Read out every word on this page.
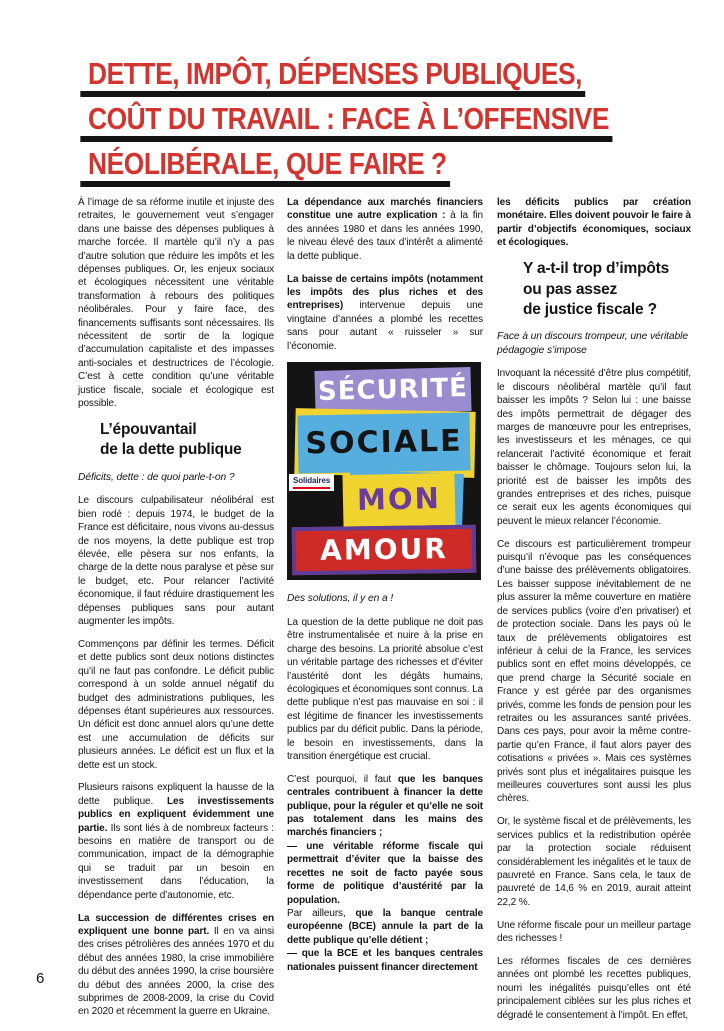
DETTE, IMPÔT, DÉPENSES PUBLIQUES,
COÛT DU TRAVAIL : FACE À L’OFFENSIVE
NÉOLIBÉRALE, QUE FAIRE ?

À l’image de sa réforme inutile et injuste des retraites, le gouvernement veut s’engager dans une baisse des dépenses publiques à marche forcée. Il martèle qu’il n’y a pas d’autre solution que réduire les impôts et les dépenses publiques. Or, les enjeux sociaux et écologiques nécessitent une véritable transformation à rebours des politiques néolibérales. Pour y faire face, des financements suffisants sont nécessaires. Ils nécessitent de sortir de la logique d’accumulation capitaliste et des impasses anti-sociales et destructrices de l’écologie. C’est à cette condition qu’une véritable justice fiscale, sociale et écologique est possible.

L’épouvantail
de la dette publique

Déficits, dette : de quoi parle-t-on ?

Le discours culpabilisateur néolibéral est bien rodé : depuis 1974, le budget de la France est déficitaire, nous vivons au-dessus de nos moyens, la dette publique est trop élevée, elle pèsera sur nos enfants, la charge de la dette nous paralyse et pèse sur le budget, etc. Pour relancer l’activité économique, il faut réduire drastiquement les dépenses publiques sans pour autant augmenter les impôts.

Commençons par définir les termes. Déficit et dette publics sont deux notions distinctes qu’il ne faut pas confondre. Le déficit public correspond à un solde annuel négatif du budget des administrations publiques, les dépenses étant supérieures aux ressources. Un déficit est donc annuel alors qu’une dette est une accumulation de déficits sur plusieurs années. Le déficit est un flux et la dette est un stock.

Plusieurs raisons expliquent la hausse de la dette publique. Les investissements publics en expliquent évidemment une partie. Ils sont liés à de nombreux facteurs : besoins en matière de transport ou de communication, impact de la démographie qui se traduit par un besoin en investissement dans l’éducation, la dépendance perte d’autonomie, etc.

La succession de différentes crises en expliquent une bonne part. Il en va ainsi des crises pétrolières des années 1970 et du début des années 1980, la crise immobilière du début des années 1990, la crise boursière du début des années 2000, la crise des subprimes de 2008-2009, la crise du Covid en 2020 et récemment la guerre en Ukraine.

La dépendance aux marchés financiers constitue une autre explication : à la fin des années 1980 et dans les années 1990, le niveau élevé des taux d’intérêt a alimenté la dette publique.

La baisse de certains impôts (notamment les impôts des plus riches et des entreprises) intervenue depuis une vingtaine d’années a plombé les recettes sans pour autant « ruisseler » sur l’économie.

SÉCURITÉ
SOCIALE
MON
AMOUR
Solidaires

Des solutions, il y en a !

La question de la dette publique ne doit pas être instrumentalisée et nuire à la prise en charge des besoins. La priorité absolue c’est un véritable partage des richesses et d’éviter l’austérité dont les dégâts humains, écologiques et économiques sont connus. La dette publique n’est pas mauvaise en soi : il est légitime de financer les investissements publics par du déficit public. Dans la période, le besoin en investissements, dans la transition énergétique est crucial.

C’est pourquoi, il faut que les banques centrales contribuent à financer la dette publique, pour la réguler et qu’elle ne soit pas totalement dans les mains des marchés financiers ;
— une véritable réforme fiscale qui permettrait d’éviter que la baisse des recettes ne soit de facto payée sous forme de politique d’austérité par la population.
Par ailleurs, que la banque centrale européenne (BCE) annule la part de la dette publique qu’elle détient ;
— que la BCE et les banques centrales nationales puissent financer directement

les déficits publics par création monétaire. Elles doivent pouvoir le faire à partir d’objectifs économiques, sociaux et écologiques.

Y a-t-il trop d’impôts
ou pas assez
de justice fiscale ?

Face à un discours trompeur, une véritable pédagogie s’impose

Invoquant la nécessité d’être plus compétitif, le discours néolibéral martèle qu’il faut baisser les impôts ? Selon lui : une baisse des impôts permettrait de dégager des marges de manœuvre pour les entreprises, les investisseurs et les ménages, ce qui relancerait l’activité économique et ferait baisser le chômage. Toujours selon lui, la priorité est de baisser les impôts des grandes entreprises et des riches, puisque ce serait eux les agents économiques qui peuvent le mieux relancer l’économie.

Ce discours est particulièrement trompeur puisqu’il n’évoque pas les conséquences d’une baisse des prélèvements obligatoires. Les baisser suppose inévitablement de ne plus assurer la même couverture en matière de services publics (voire d’en privatiser) et de protection sociale. Dans les pays où le taux de prélèvements obligatoires est inférieur à celui de la France, les services publics sont en effet moins développés, ce que prend charge la Sécurité sociale en France y est gérée par des organismes privés, comme les fonds de pension pour les retraites ou les assurances santé privées. Dans ces pays, pour avoir la même contre-partie qu’en France, il faut alors payer des cotisations « privées ». Mais ces systèmes privés sont plus et inégalitaires puisque les meilleures couvertures sont aussi les plus chères.

Or, le système fiscal et de prélèvements, les services publics et la redistribution opérée par la protection sociale réduisent considérablement les inégalités et le taux de pauvreté en France. Sans cela, le taux de pauvreté de 14,6 % en 2019, aurait atteint 22,2 %.

Une réforme fiscale pour un meilleur partage des richesses !

Les réformes fiscales de ces dernières années ont plombé les recettes publiques, nourri les inégalités puisqu’elles ont été principalement ciblées sur les plus riches et dégradé le consentement à l’impôt. En effet,

6
